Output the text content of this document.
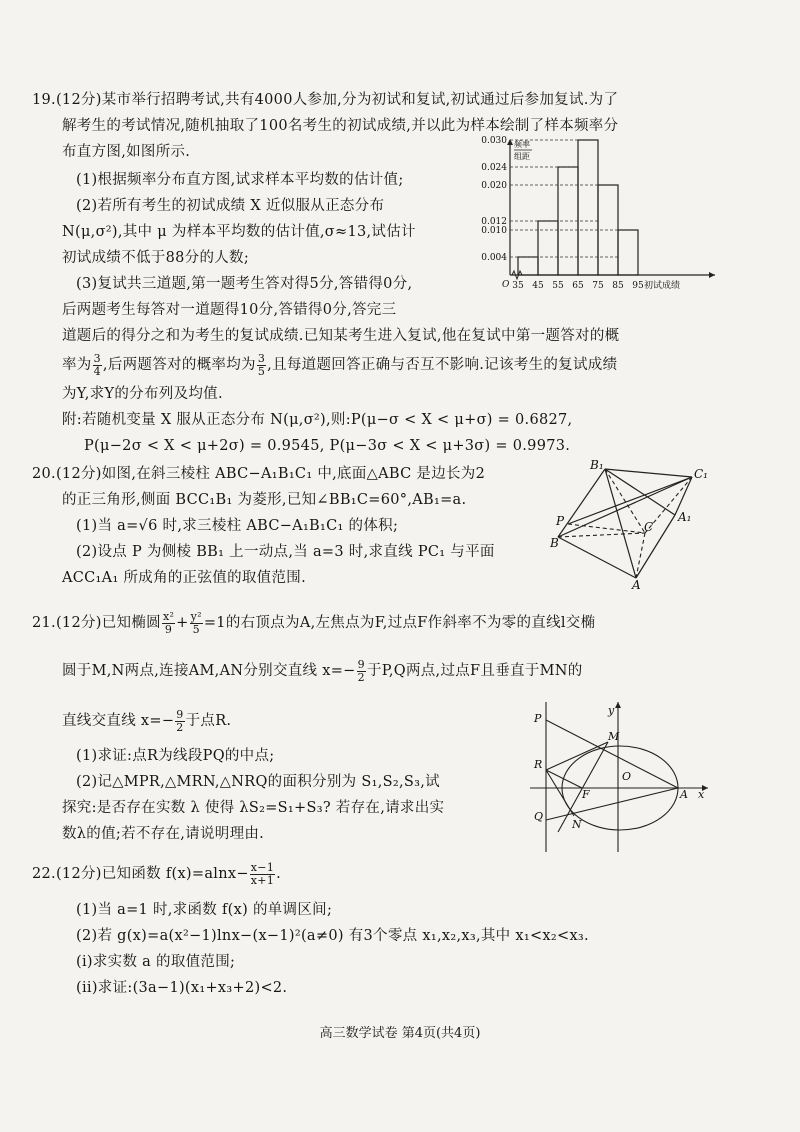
19.(12分)某市举行招聘考试,共有4000人参加,分为初试和复试,初试通过后参加复试.为了
解考生的考试情况,随机抽取了100名考生的初试成绩,并以此为样本绘制了样本频率分
布直方图,如图所示.
(1)根据频率分布直方图,试求样本平均数的估计值;
(2)若所有考生的初试成绩 X 近似服从正态分布
N(μ,σ²),其中 μ 为样本平均数的估计值,σ≈13,试估计
初试成绩不低于88分的人数;
(3)复试共三道题,第一题考生答对得5分,答错得0分,
后两题考生每答对一道题得10分,答错得0分,答完三
道题后的得分之和为考生的复试成绩.已知某考生进入复试,他在复试中第一题答对的概
率为 $\frac{3}{4}$ ,后两题答对的概率均为 $\frac{3}{5}$ ,且每道题回答正确与否互不影响.记该考生的复试成绩
为Y,求Y的分布列及均值.
附:若随机变量 X 服从正态分布 N(μ,σ²),则:P(μ−σ < X < μ+σ) = 0.6827,
P(μ−2σ < X < μ+2σ) = 0.9545, P(μ−3σ < X < μ+3σ) = 0.9973.
0.030
0.024
0.020
0.012
0.010
0.004
35 45 55 65 75 85 95
O	初试成绩
频率
组距
20.(12分)如图,在斜三棱柱 ABC−A₁B₁C₁ 中,底面△ABC 是边长为2
的正三角形,侧面 BCC₁B₁ 为菱形,已知∠BB₁C=60°,AB₁=a.
(1)当 a=√6 时,求三棱柱 ABC−A₁B₁C₁ 的体积;
(2)设点 P 为侧棱 BB₁ 上一动点,当 a=3 时,求直线 PC₁ 与平面
ACC₁A₁ 所成角的正弦值的取值范围.
B₁
C₁
A₁
P
B
C
A
21.(12分)已知椭圆 $\frac{\text{x²}}{9} + \frac{\text{y²}}{5} =1$的右顶点为A,左焦点为F,过点F作斜率不为零的直线l交椭
圆于M,N两点,连接AM,AN分别交直线 $x=- \frac{9}{2}$ 于P,Q两点,过点F且垂直于MN的
直线交直线 $x=- \frac{9}{2}$ 于点R.
(1)求证:点R为线段PQ的中点;
(2)记△MPR,△MRN,△NRQ的面积分别为 S₁,S₂,S₃,试
探究:是否存在实数 λ 使得 λS₂=S₁+S₃? 若存在,请求出实
数λ的值;若不存在,请说明理由.
P
y
M
R
O
F	A x
Q
N
22.(12分)已知函数 $f(x)=alnx- \frac{x-1}{x+1}$ .
(1)当 a=1 时,求函数 f(x) 的单调区间;
(2)若 g(x)=a(x²−1)lnx−(x−1)²(a≠0) 有3个零点 x₁,x₂,x₃,其中 x₁<x₂<x₃.
(i)求实数 a 的取值范围;
(ii)求证:(3a−1)(x₁+x₃+2)<2.
高三数学试卷 第4页(共4页)
